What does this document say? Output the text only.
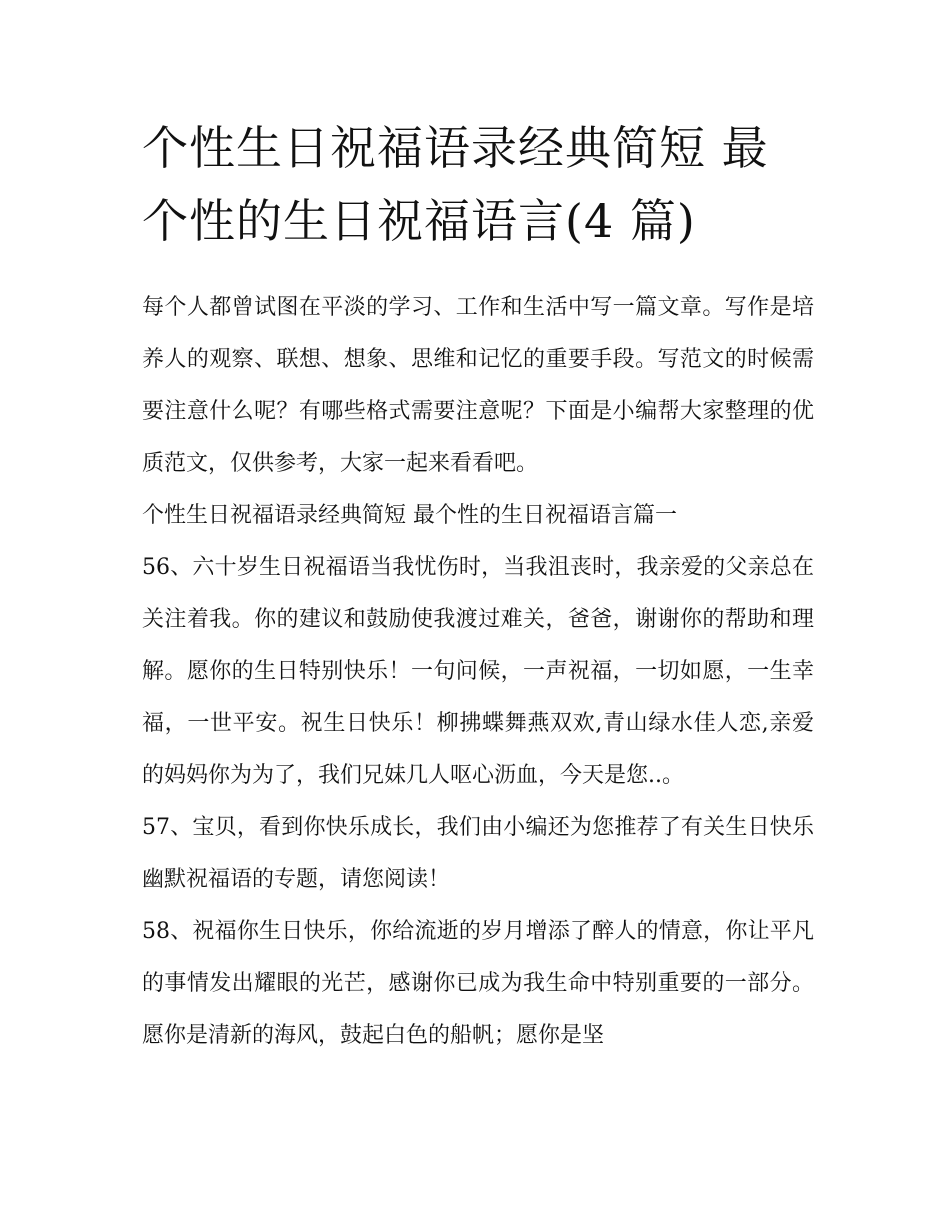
个性生日祝福语录经典简短 最个性的生日祝福语言(4 篇)

每个人都曾试图在平淡的学习、工作和生活中写一篇文章。写作是培养人的观察、联想、想象、思维和记忆的重要手段。写范文的时候需要注意什么呢？有哪些格式需要注意呢？下面是小编帮大家整理的优质范文，仅供参考，大家一起来看看吧。

个性生日祝福语录经典简短 最个性的生日祝福语言篇一

56、六十岁生日祝福语当我忧伤时，当我沮丧时，我亲爱的父亲总在关注着我。你的建议和鼓励使我渡过难关，爸爸，谢谢你的帮助和理解。愿你的生日特别快乐！一句问候，一声祝福，一切如愿，一生幸福，一世平安。祝生日快乐！柳拂蝶舞燕双欢,青山绿水佳人恋,亲爱的妈妈你为为了，我们兄妹几人呕心沥血，今天是您..。

57、宝贝，看到你快乐成长，我们由小编还为您推荐了有关生日快乐幽默祝福语的专题，请您阅读！

58、祝福你生日快乐，你给流逝的岁月增添了醉人的情意，你让平凡的事情发出耀眼的光芒，感谢你已成为我生命中特别重要的一部分。愿你是清新的海风，鼓起白色的船帆；愿你是坚
